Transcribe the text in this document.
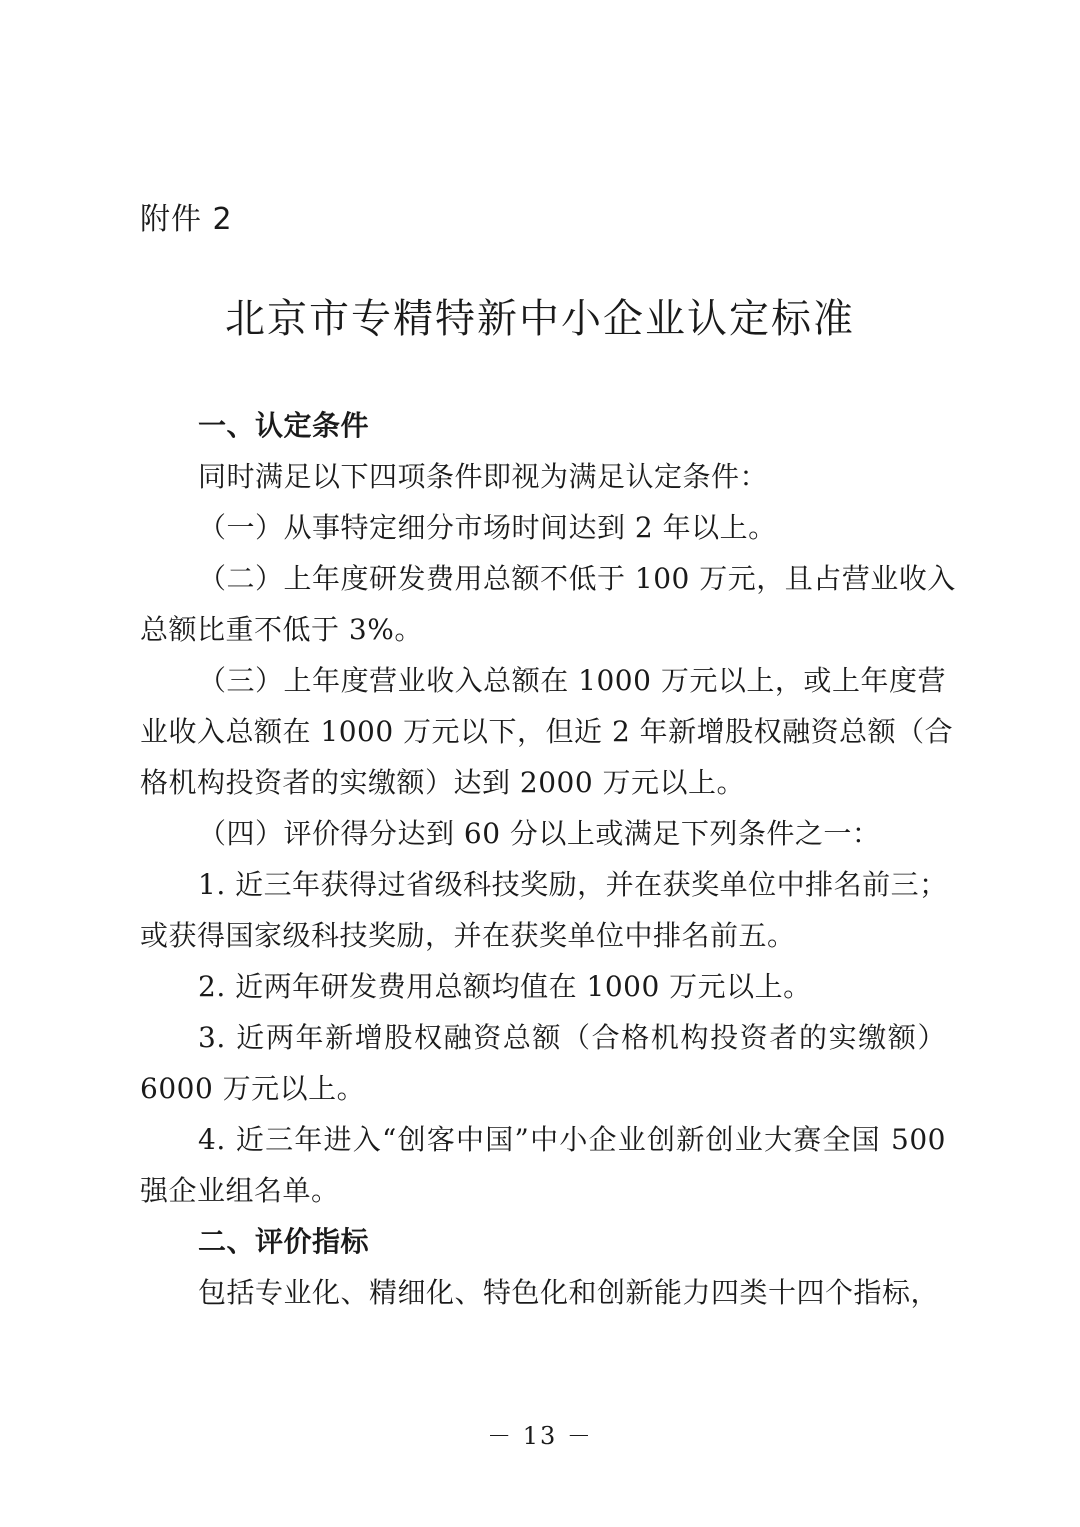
附件 2
北京市专精特新中小企业认定标准
一、认定条件
同时满足以下四项条件即视为满足认定条件：
（一）从事特定细分市场时间达到 2 年以上。
（二）上年度研发费用总额不低于 100 万元，且占营业收入
总额比重不低于 3%。
（三）上年度营业收入总额在 1000 万元以上，或上年度营
业收入总额在 1000 万元以下，但近 2 年新增股权融资总额（合
格机构投资者的实缴额）达到 2000 万元以上。
（四）评价得分达到 60 分以上或满足下列条件之一：
1. 近三年获得过省级科技奖励，并在获奖单位中排名前三；
或获得国家级科技奖励，并在获奖单位中排名前五。
2. 近两年研发费用总额均值在 1000 万元以上。
3. 近两年新增股权融资总额（合格机构投资者的实缴额）
6000 万元以上。
4. 近三年进入“创客中国”中小企业创新创业大赛全国 500
强企业组名单。
二、评价指标
包括专业化、精细化、特色化和创新能力四类十四个指标，
－ 13 －
